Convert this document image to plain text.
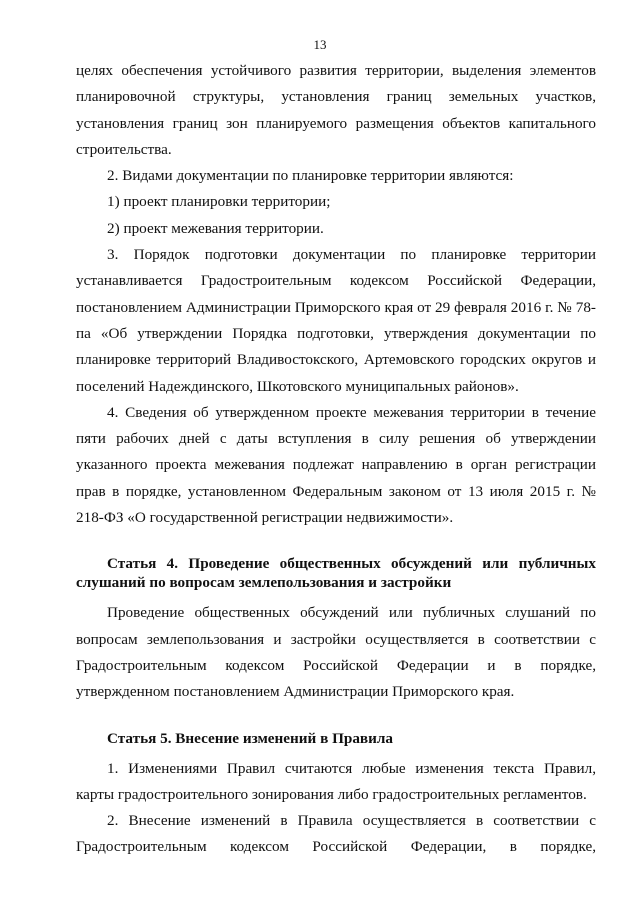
13

целях обеспечения устойчивого развития территории, выделения элементов планировочной структуры, установления границ земельных участков, установления границ зон планируемого размещения объектов капитального строительства.

2. Видами документации по планировке территории являются:

1) проект планировки территории;

2) проект межевания территории.

3. Порядок подготовки документации по планировке территории устанавливается Градостроительным кодексом Российской Федерации, постановлением Администрации Приморского края от 29 февраля 2016 г. № 78-па «Об утверждении Порядка подготовки, утверждения документации по планировке территорий Владивостокского, Артемовского городских округов и поселений Надеждинского, Шкотовского муниципальных районов».

4. Сведения об утвержденном проекте межевания территории в течение пяти рабочих дней с даты вступления в силу решения об утверждении указанного проекта межевания подлежат направлению в орган регистрации прав в порядке, установленном Федеральным законом от 13 июля 2015 г. № 218-ФЗ «О государственной регистрации недвижимости».

Статья 4. Проведение общественных обсуждений или публичных слушаний по вопросам землепользования и застройки

Проведение общественных обсуждений или публичных слушаний по вопросам землепользования и застройки осуществляется в соответствии с Градостроительным кодексом Российской Федерации и в порядке, утвержденном постановлением Администрации Приморского края.

Статья 5. Внесение изменений в Правила

1. Изменениями Правил считаются любые изменения текста Правил, карты градостроительного зонирования либо градостроительных регламентов.

2. Внесение изменений в Правила осуществляется в соответствии с Градостроительным кодексом Российской Федерации, в порядке,
